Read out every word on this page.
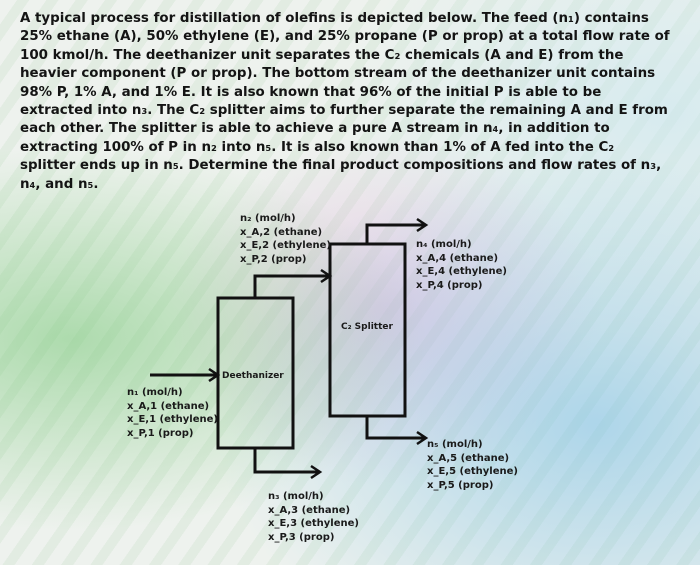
A typical process for distillation of olefins is depicted below. The feed (n₁) contains 25% ethane (A), 50% ethylene (E), and 25% propane (P or prop) at a total flow rate of 100 kmol/h. The deethanizer unit separates the C₂ chemicals (A and E) from the heavier component (P or prop). The bottom stream of the deethanizer unit contains 98% P, 1% A, and 1% E. It is also known that 96% of the initial P is able to be extracted into n₃. The C₂ splitter aims to further separate the remaining A and E from each other. The splitter is able to achieve a pure A stream in n₄, in addition to extracting 100% of P in n₂ into n₅. It is also known than 1% of A fed into the C₂ splitter ends up in n₅. Determine the final product compositions and flow rates of n₃, n₄, and n₅.

Deethanizer
C₂ Splitter
n₂ (mol/h)
x_A,2 (ethane)
x_E,2 (ethylene)
x_P,2 (prop)
n₄ (mol/h)
x_A,4 (ethane)
x_E,4 (ethylene)
x_P,4 (prop)
n₁ (mol/h)
x_A,1 (ethane)
x_E,1 (ethylene)
x_P,1 (prop)
n₅ (mol/h)
x_A,5 (ethane)
x_E,5 (ethylene)
x_P,5 (prop)
n₃ (mol/h)
x_A,3 (ethane)
x_E,3 (ethylene)
x_P,3 (prop)
